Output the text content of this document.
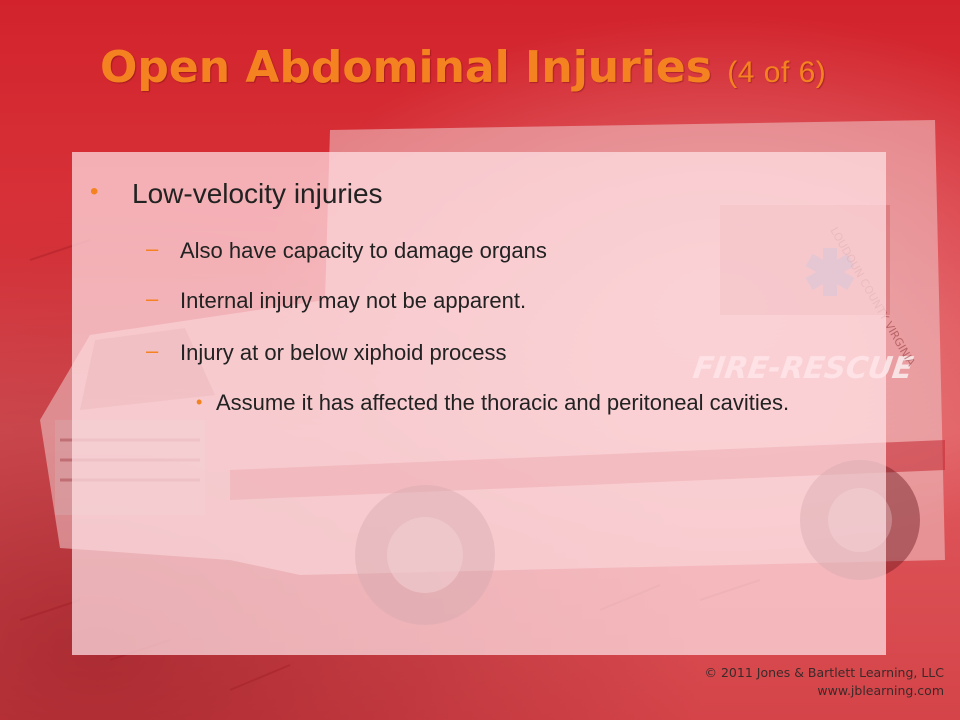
VIRGINIA
Open Abdominal Injuries (4 of 6)
• Low-velocity injuries
– Also have capacity to damage organs
– Internal injury may not be apparent.
– Injury at or below xiphoid process
• Assume it has affected the thoracic and peritoneal cavities.
© 2011 Jones & Bartlett Learning, LLC
www.jblearning.com
